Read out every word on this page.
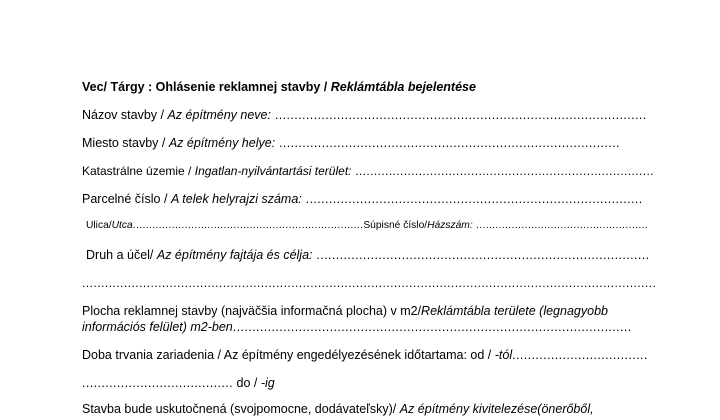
Vec/ Tárgy : Ohlásenie reklamnej stavby / Reklámtábla bejelentése
Názov stavby / Az építmény neve: ................................................................................................
Miesto stavby / Az építmény helye: ........................................................................................
Katastrálne územie / Ingatlan-nyilvántartási terület: ................................................................................
Parcelné číslo / A telek helyrajzi száma: .......................................................................................
Ulica/Utca.......................................................................Súpisné číslo/Házszám: .....................................................
Druh a účel/ Az építmény fajtája és célja: ......................................................................................
.......................................................................................................................................................
Plocha reklamnej stavby (najväčšia informačná plocha) v m2/Reklámtábla területe (legnagyobb
információs felület) m2-ben.......................................................................................................
Doba trvania zariadenia / Az építmény engedélyezésének időtartama: od / -tól...................................
....................................... do / -ig
Stavba bude uskutočnená (svojpomocne, dodávateľsky)/ Az építmény kivitelezése(önerőből,
